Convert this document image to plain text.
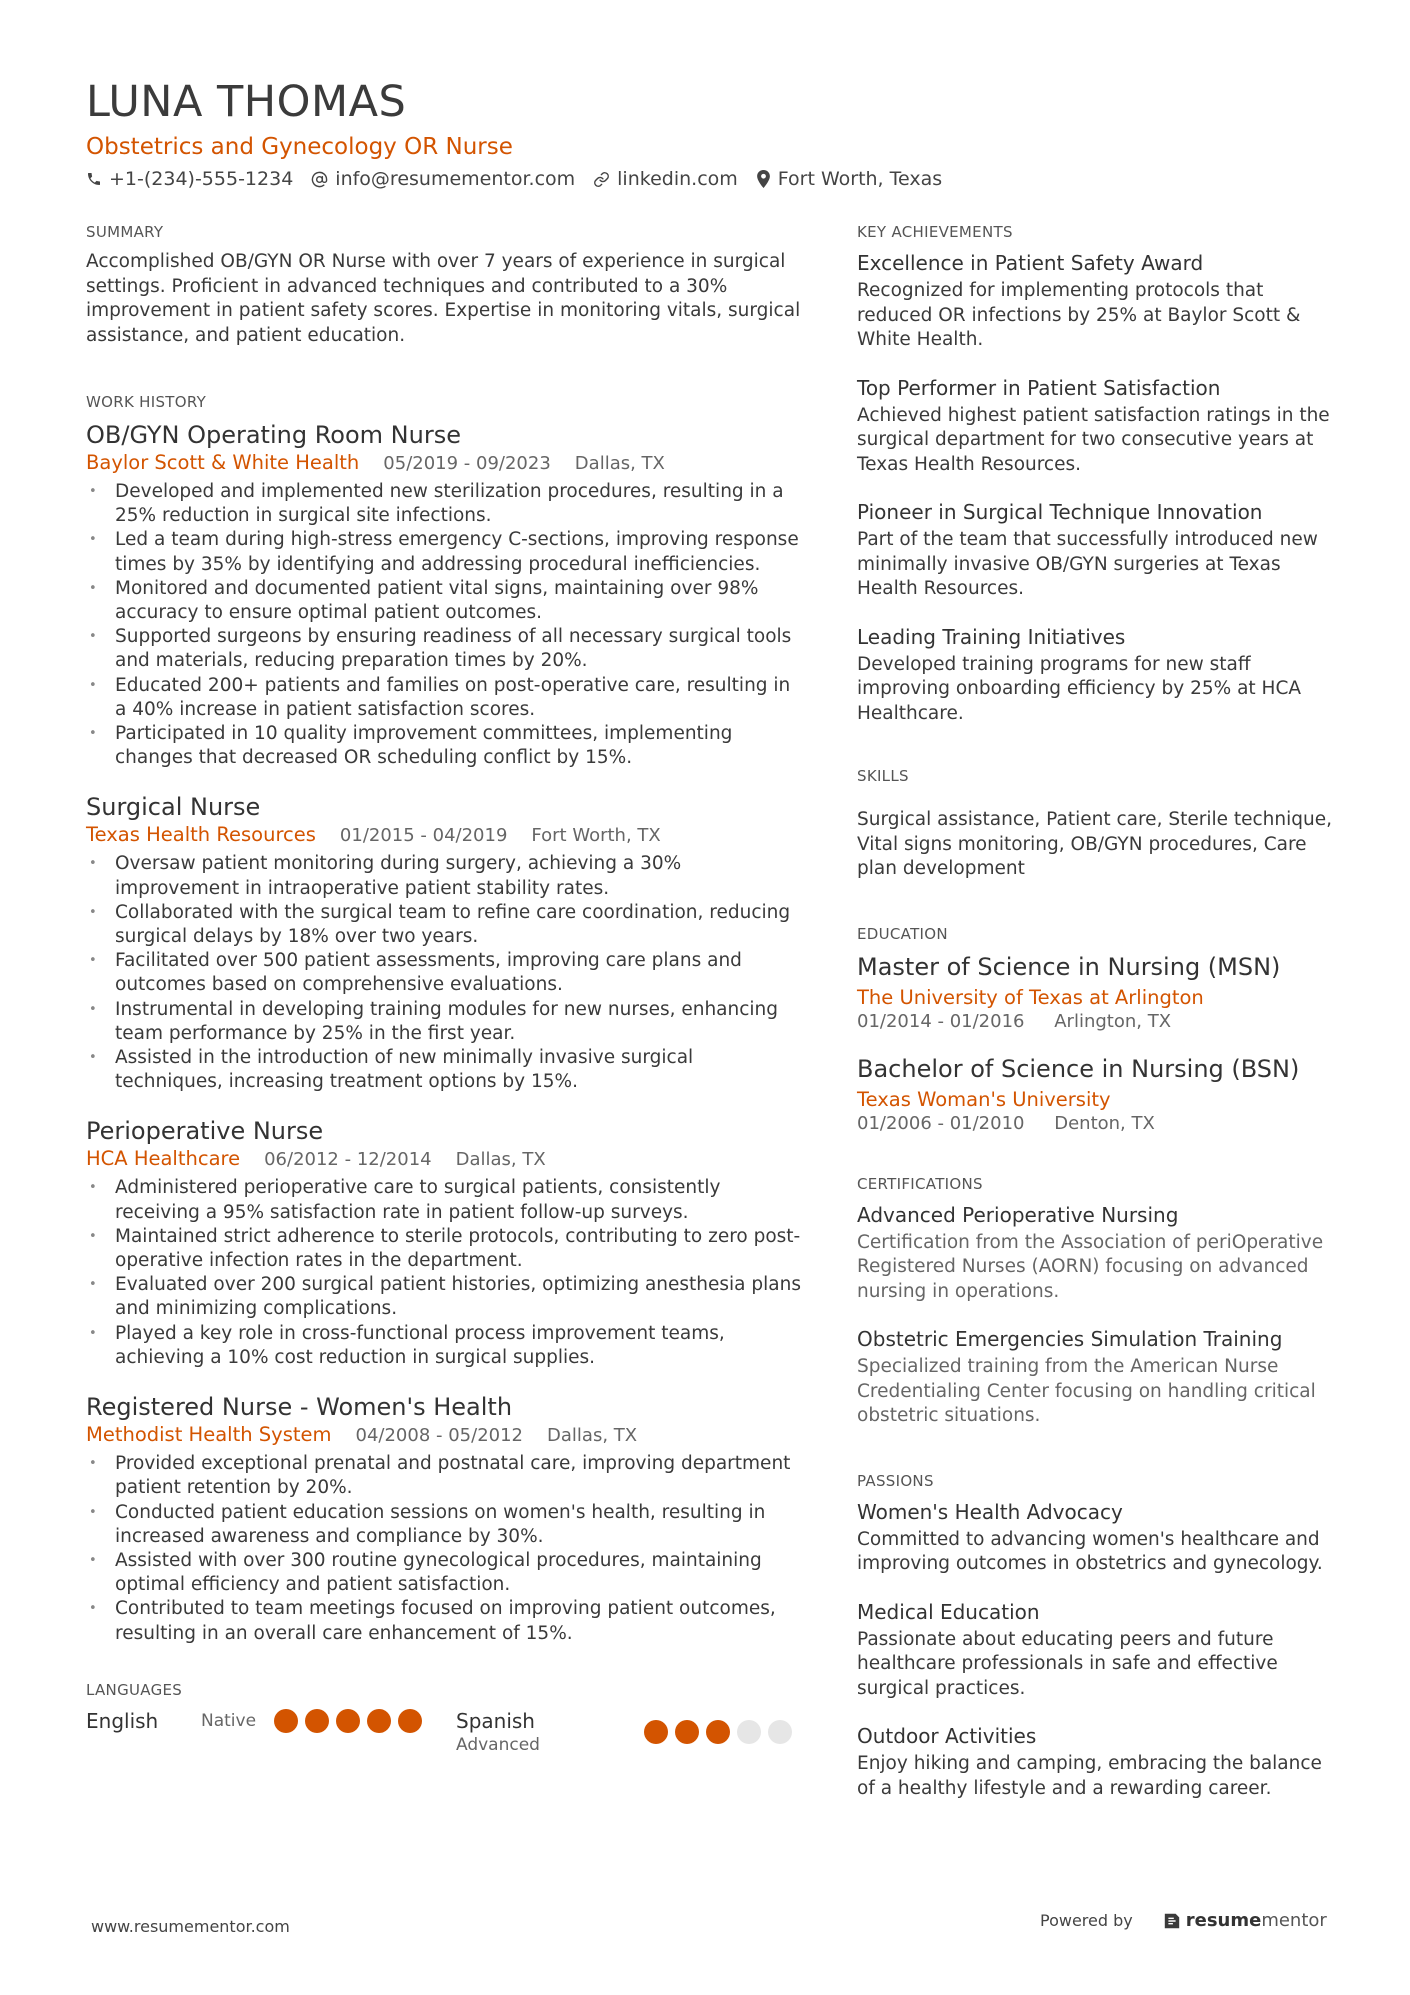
LUNA THOMAS
Obstetrics and Gynecology OR Nurse
+1-(234)-555-1234 info@resumementor.com linkedin.com Fort Worth, Texas
SUMMARY

Accomplished OB/GYN OR Nurse with over 7 years of experience in surgical settings. Proficient in advanced techniques and contributed to a 30% improvement in patient safety scores. Expertise in monitoring vitals, surgical assistance, and patient education.

WORK HISTORY
OB/GYN Operating Room Nurse
Baylor Scott & White Health 05/2019 - 09/2023 Dallas, TX
• Developed and implemented new sterilization procedures, resulting in a 25% reduction in surgical site infections.
• Led a team during high-stress emergency C-sections, improving response times by 35% by identifying and addressing procedural inefficiencies.
• Monitored and documented patient vital signs, maintaining over 98% accuracy to ensure optimal patient outcomes.
• Supported surgeons by ensuring readiness of all necessary surgical tools and materials, reducing preparation times by 20%.
• Educated 200+ patients and families on post-operative care, resulting in a 40% increase in patient satisfaction scores.
• Participated in 10 quality improvement committees, implementing changes that decreased OR scheduling conflict by 15%.
Surgical Nurse
Texas Health Resources 01/2015 - 04/2019 Fort Worth, TX
• Oversaw patient monitoring during surgery, achieving a 30% improvement in intraoperative patient stability rates.
• Collaborated with the surgical team to refine care coordination, reducing surgical delays by 18% over two years.
• Facilitated over 500 patient assessments, improving care plans and outcomes based on comprehensive evaluations.
• Instrumental in developing training modules for new nurses, enhancing team performance by 25% in the first year.
• Assisted in the introduction of new minimally invasive surgical techniques, increasing treatment options by 15%.
Perioperative Nurse
HCA Healthcare 06/2012 - 12/2014 Dallas, TX
• Administered perioperative care to surgical patients, consistently receiving a 95% satisfaction rate in patient follow-up surveys.
• Maintained strict adherence to sterile protocols, contributing to zero post-operative infection rates in the department.
• Evaluated over 200 surgical patient histories, optimizing anesthesia plans and minimizing complications.
• Played a key role in cross-functional process improvement teams, achieving a 10% cost reduction in surgical supplies.
Registered Nurse - Women's Health
Methodist Health System 04/2008 - 05/2012 Dallas, TX
• Provided exceptional prenatal and postnatal care, improving department patient retention by 20%.
• Conducted patient education sessions on women's health, resulting in increased awareness and compliance by 30%.
• Assisted with over 300 routine gynecological procedures, maintaining optimal efficiency and patient satisfaction.
• Contributed to team meetings focused on improving patient outcomes, resulting in an overall care enhancement of 15%.
LANGUAGES
English	Native	Spanish
Advanced
KEY ACHIEVEMENTS
Excellence in Patient Safety Award

Recognized for implementing protocols that reduced OR infections by 25% at Baylor Scott & White Health.

Top Performer in Patient Satisfaction

Achieved highest patient satisfaction ratings in the surgical department for two consecutive years at Texas Health Resources.

Pioneer in Surgical Technique Innovation

Part of the team that successfully introduced new minimally invasive OB/GYN surgeries at Texas Health Resources.

Leading Training Initiatives

Developed training programs for new staff improving onboarding efficiency by 25% at HCA Healthcare.

SKILLS

Surgical assistance, Patient care, Sterile technique, Vital signs monitoring, OB/GYN procedures, Care plan development

EDUCATION
Master of Science in Nursing (MSN)
The University of Texas at Arlington
01/2014 - 01/2016 Arlington, TX
Bachelor of Science in Nursing (BSN)
Texas Woman's University
01/2006 - 01/2010 Denton, TX
CERTIFICATIONS
Advanced Perioperative Nursing
Certification from the Association of periOperative Registered Nurses (AORN) focusing on advanced nursing in operations.
Obstetric Emergencies Simulation Training
Specialized training from the American Nurse Credentialing Center focusing on handling critical obstetric situations.
PASSIONS
Women's Health Advocacy

Committed to advancing women's healthcare and improving outcomes in obstetrics and gynecology.

Medical Education

Passionate about educating peers and future healthcare professionals in safe and effective surgical practices.

Outdoor Activities

Enjoy hiking and camping, embracing the balance of a healthy lifestyle and a rewarding career.

www.resumementor.com	Powered by	resume mentor
